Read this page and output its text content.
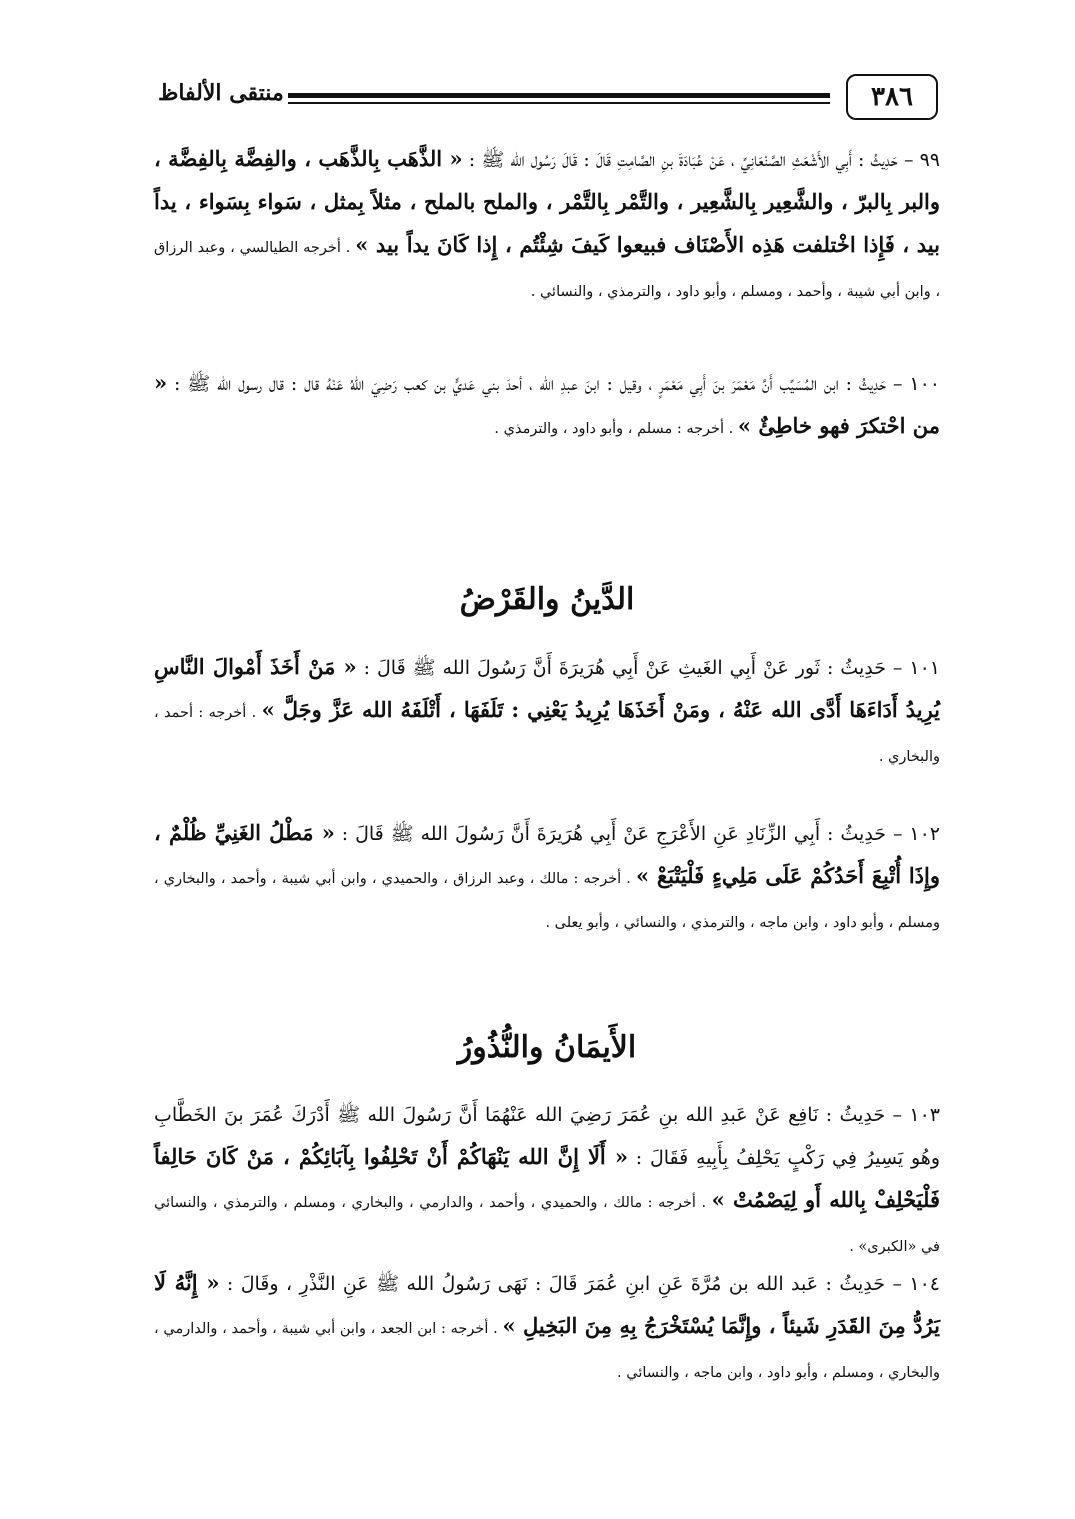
٣٨٦
منتقى الألفاظ

٩٩ – حَدِيثُ : أَبِي الأَشْعَثِ الصَّنْعَانِيِّ ، عَنْ عُبَادَةَ بنِ الصَّامِتِ قَالَ : قَالَ رَسُول الله ﷺ : « الذَّهَب بِالذَّهَب ، والفِضَّة بِالفِضَّة ، والبر بِالبرّ ، والشَّعِير بِالشَّعِير ، والتَّمْر بِالتَّمْر ، والملح بالملح ، مثلاً بِمثل ، سَواء بِسَواء ، يداً بيد ، فَإِذا اخْتلفت هَذِه الأَصْنَاف فبيعوا كَيفَ شِئْتُم ، إِذا كَانَ يداً بيد » . أخرجه الطيالسي ، وعبد الرزاق ، وابن أبي شيبة ، وأحمد ، ومسلم ، وأبو داود ، والترمذي ، والنسائي .

١٠٠ – حَدِيثُ : ابن المُسَيِّب أَنَّ مَعْمَرَ بنَ أَبِي مَعْمَرٍ ، وقيل : ابنَ عبدِ الله ، أحدَ بني عَديٍّ بن كعب رَضِيَ اللهُ عَنْهُ قال : قال رسول الله ﷺ : « من احْتكرَ فهو خاطِئٌ » . أخرجه : مسلم ، وأبو داود ، والترمذي .

الدَّينُ والقَرْضُ

١٠١ – حَدِيثُ : ثَور عَنْ أَبِي الغَيثِ عَنْ أَبِي هُرَيرَةَ أَنَّ رَسُولَ الله ﷺ قَالَ : « مَنْ أَخَذَ أَمْوالَ النَّاسِ يُرِيدُ أَدَاءَهَا أَدَّى الله عَنْهُ ، ومَنْ أَخَذَهَا يُرِيدُ يَعْنِي : تَلَفَهَا ، أَتْلَفَهُ الله عَزَّ وجَلَّ » . أخرجه : أحمد ، والبخاري .

١٠٢ – حَدِيثُ : أَبِي الزِّنَادِ عَنِ الأَعْرَجِ عَنْ أَبِي هُرَيرَةَ أَنَّ رَسُولَ الله ﷺ قَالَ : « مَطْلُ الغَنِيِّ ظُلْمٌ ، وإِذَا أُتْبِعَ أَحَدُكُمْ عَلَى مَلِيءٍ فَلْيَتْبَعْ » . أخرجه : مالك ، وعبد الرزاق ، والحميدي ، وابن أبي شيبة ، وأحمد ، والبخاري ، ومسلم ، وأبو داود ، وابن ماجه ، والترمذي ، والنسائي ، وأبو يعلى .

الأَيمَانُ والنُّذُورُ

١٠٣ – حَدِيثُ : نَافِع عَنْ عَبدِ الله بنِ عُمَرَ رَضِيَ الله عَنْهُمَا أَنَّ رَسُولَ الله ﷺ أَدْرَكَ عُمَرَ بنَ الخَطَّابِ وهُو يَسِيرُ فِي رَكْبٍ يَحْلِفُ بِأَبِيهِ فَقَالَ : « أَلَا إِنَّ الله يَنْهَاكُمْ أَنْ تَحْلِفُوا بِآبَائِكُمْ ، مَنْ كَانَ حَالِفاً فَلْيَحْلِفْ بِالله أَو لِيَصْمُتْ » . أخرجه : مالك ، والحميدي ، وأحمد ، والدارمي ، والبخاري ، ومسلم ، والترمذي ، والنسائي في «الكبرى» .

١٠٤ – حَدِيثُ : عَبد الله بن مُرَّةَ عَنِ ابنِ عُمَرَ قَالَ : نَهَى رَسُولُ الله ﷺ عَنِ النَّذْرِ ، وقَالَ : « إِنَّهُ لَا يَرُدُّ مِنَ القَدَرِ شَيئاً ، وإِنَّمَا يُسْتَخْرَجُ بِهِ مِنَ البَخِيلِ » . أخرجه : ابن الجعد ، وابن أبي شيبة ، وأحمد ، والدارمي ، والبخاري ، ومسلم ، وأبو داود ، وابن ماجه ، والنسائي .
